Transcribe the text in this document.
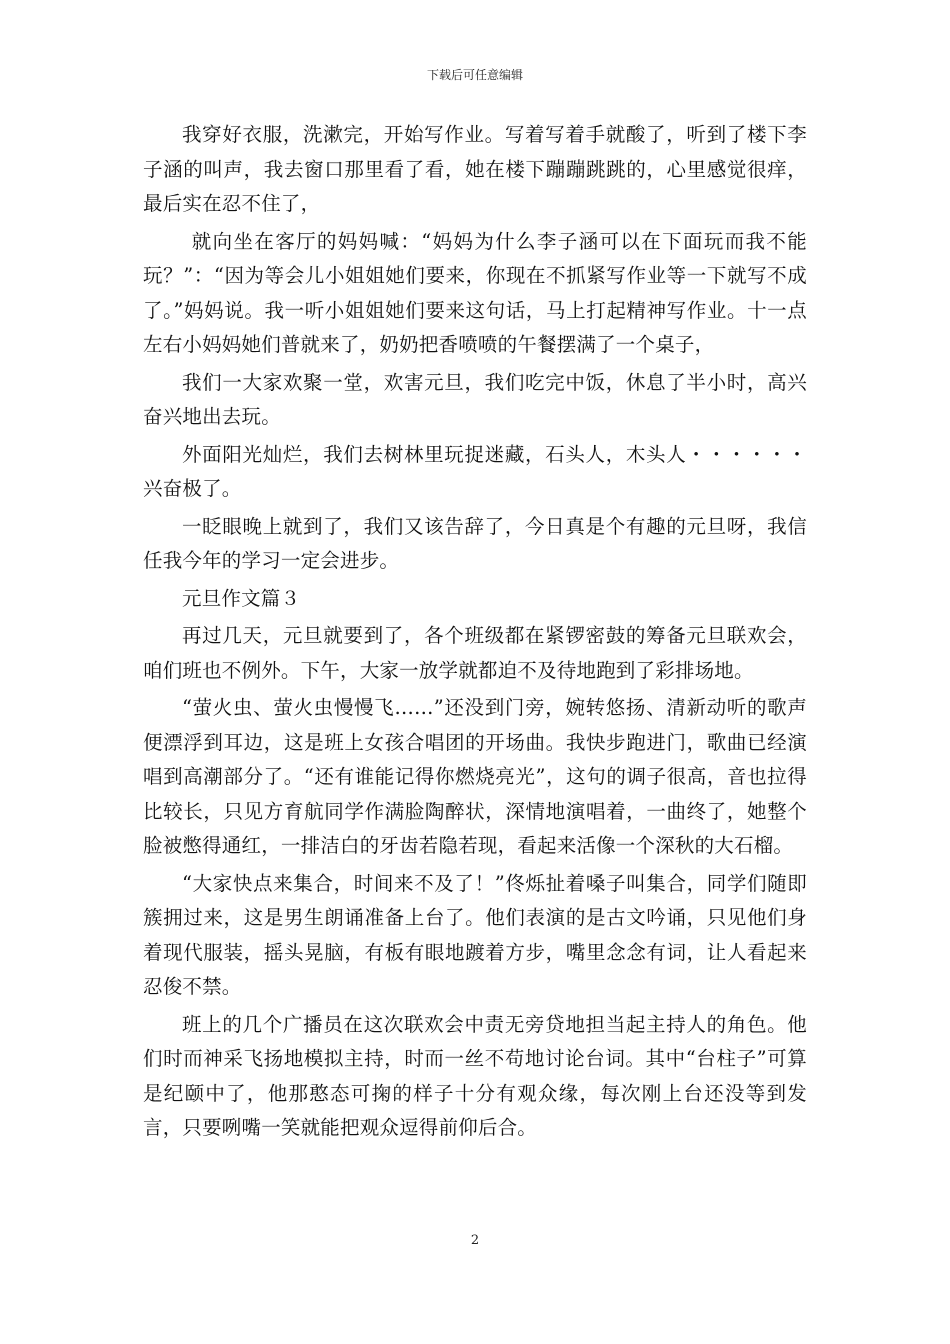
下载后可任意编辑

我穿好衣服，洗漱完，开始写作业。写着写着手就酸了，听到了楼下李子涵的叫声，我去窗口那里看了看，她在楼下蹦蹦跳跳的，心里感觉很痒，最后实在忍不住了，

就向坐在客厅的妈妈喊：“妈妈为什么李子涵可以在下面玩而我不能玩？”：“因为等会儿小姐姐她们要来，你现在不抓紧写作业等一下就写不成了。”妈妈说。我一听小姐姐她们要来这句话，马上打起精神写作业。十一点左右小妈妈她们普就来了，奶奶把香喷喷的午餐摆满了一个桌子，

我们一大家欢聚一堂，欢害元旦，我们吃完中饭，休息了半小时，高兴奋兴地出去玩。

外面阳光灿烂，我们去树林里玩捉迷藏，石头人，木头人・・・・・・兴奋极了。

一眨眼晚上就到了，我们又该告辞了，今日真是个有趣的元旦呀，我信任我今年的学习一定会进步。

元旦作文篇３

再过几天，元旦就要到了，各个班级都在紧锣密鼓的筹备元旦联欢会，咱们班也不例外。下午，大家一放学就都迫不及待地跑到了彩排场地。

“萤火虫、萤火虫慢慢飞……”还没到门旁，婉转悠扬、清新动听的歌声便漂浮到耳边，这是班上女孩合唱团的开场曲。我快步跑进门，歌曲已经演唱到高潮部分了。“还有谁能记得你燃烧亮光”，这句的调子很高，音也拉得比较长，只见方育航同学作满脸陶醉状，深情地演唱着，一曲终了，她整个脸被憋得通红，一排洁白的牙齿若隐若现，看起来活像一个深秋的大石榴。

“大家快点来集合，时间来不及了！”佟烁扯着嗓子叫集合，同学们随即簇拥过来，这是男生朗诵准备上台了。他们表演的是古文吟诵，只见他们身着现代服装，摇头晃脑，有板有眼地踱着方步，嘴里念念有词，让人看起来忍俊不禁。

班上的几个广播员在这次联欢会中责无旁贷地担当起主持人的角色。他们时而神采飞扬地模拟主持，时而一丝不苟地讨论台词。其中“台柱子”可算是纪颐中了，他那憨态可掬的样子十分有观众缘，每次刚上台还没等到发言，只要咧嘴一笑就能把观众逗得前仰后合。

2
